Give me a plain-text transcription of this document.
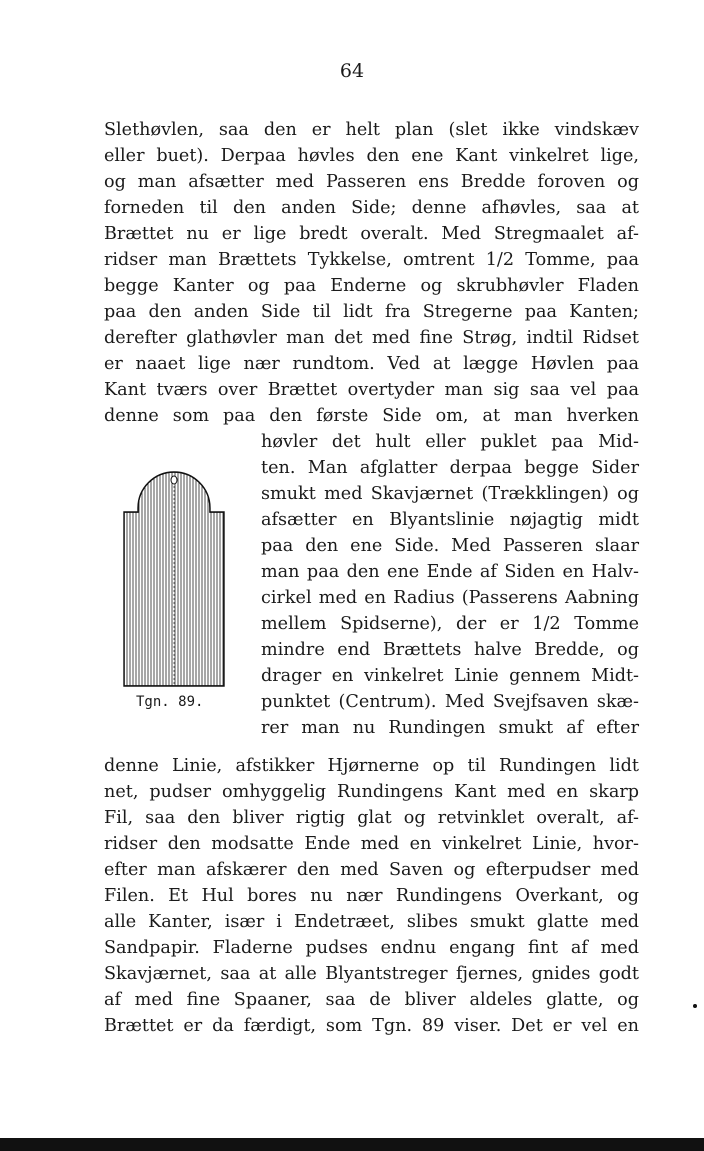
64
Slethøvlen, saa den er helt plan (slet ikke vindskæv
eller buet). Derpaa høvles den ene Kant vinkelret lige,
og man afsætter med Passeren ens Bredde foroven og
forneden til den anden Side; denne afhøvles, saa at
Brættet nu er lige bredt overalt. Med Stregmaalet af-
ridser man Brættets Tykkelse, omtrent 1/2 Tomme, paa
begge Kanter og paa Enderne og skrubhøvler Fladen
paa den anden Side til lidt fra Stregerne paa Kanten;
derefter glathøvler man det med fine Strøg, indtil Ridset
er naaet lige nær rundtom. Ved at lægge Høvlen paa
Kant tværs over Brættet overtyder man sig saa vel paa
denne som paa den første Side om, at man hverken
høvler det hult eller puklet paa Mid-
ten. Man afglatter derpaa begge Sider
smukt med Skavjærnet (Trækklingen) og
afsætter en Blyantslinie nøjagtig midt
paa den ene Side. Med Passeren slaar
man paa den ene Ende af Siden en Halv-
cirkel med en Radius (Passerens Aabning
mellem Spidserne), der er 1/2 Tomme
mindre end Brættets halve Bredde, og
drager en vinkelret Linie gennem Midt-
punktet (Centrum). Med Svejfsaven skæ-
rer man nu Rundingen smukt af efter
Tgn. 89.
denne Linie, afstikker Hjørnerne op til Rundingen lidt
net, pudser omhyggelig Rundingens Kant med en skarp
Fil, saa den bliver rigtig glat og retvinklet overalt, af-
ridser den modsatte Ende med en vinkelret Linie, hvor-
efter man afskærer den med Saven og efterpudser med
Filen. Et Hul bores nu nær Rundingens Overkant, og
alle Kanter, især i Endetræet, slibes smukt glatte med
Sandpapir. Fladerne pudses endnu engang fint af med
Skavjærnet, saa at alle Blyantstreger fjernes, gnides godt
af med fine Spaaner, saa de bliver aldeles glatte, og
Brættet er da færdigt, som Tgn. 89 viser. Det er vel en
